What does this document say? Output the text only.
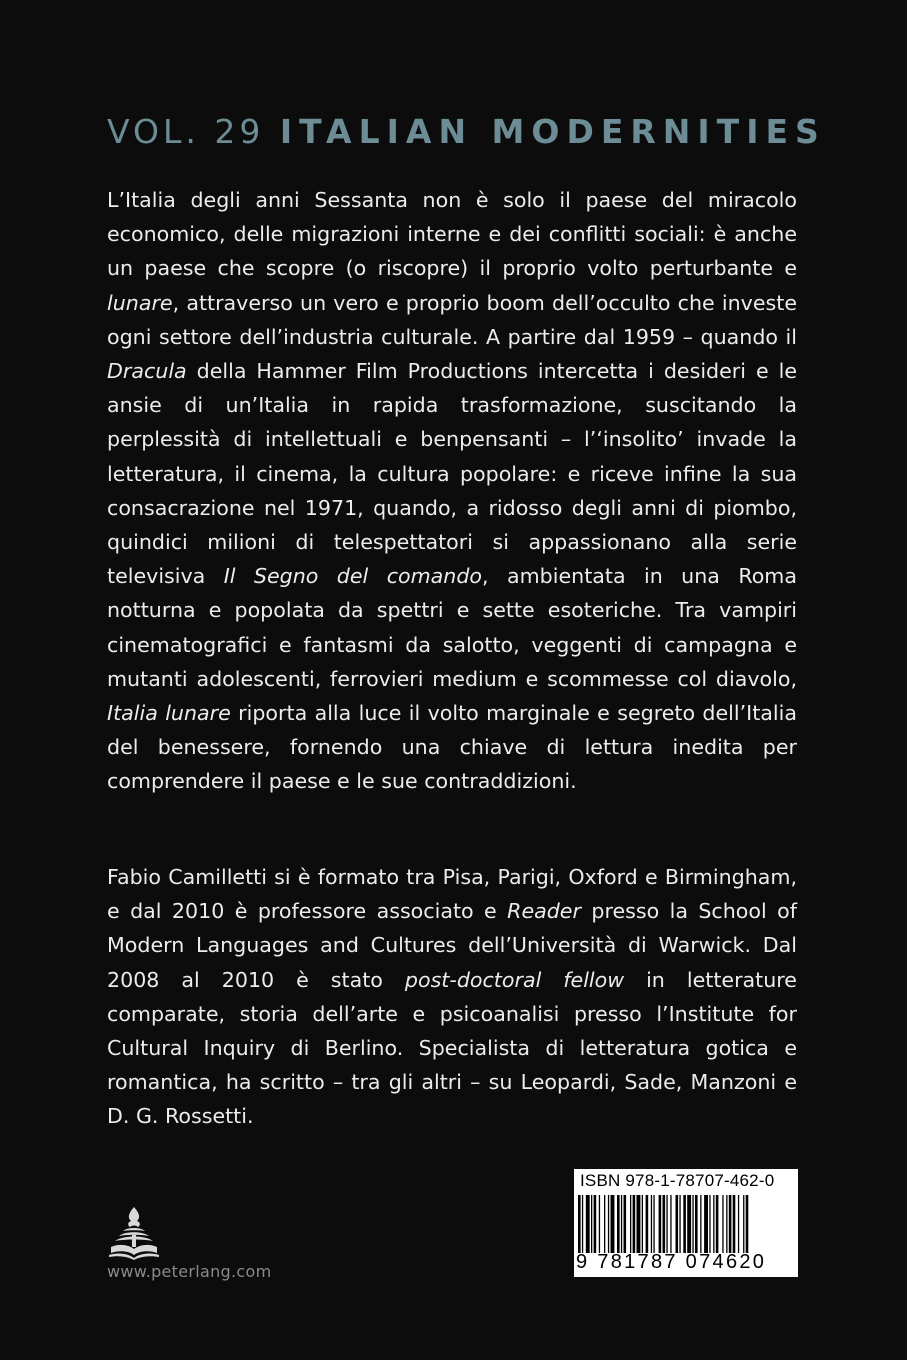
VOL. 29 ITALIAN MODERNITIES

L’Italia degli anni Sessanta non è solo il paese del miracolo economico, delle migrazioni interne e dei conflitti sociali: è anche un paese che scopre (o riscopre) il proprio volto perturbante e lunare, attraverso un vero e proprio boom dell’occulto che investe ogni settore dell’industria culturale. A partire dal 1959 – quando il Dracula della Hammer Film Productions intercetta i desideri e le ansie di un’Italia in rapida trasformazione, suscitando la perplessità di intellettuali e benpensanti – l’‘insolito’ invade la letteratura, il cinema, la cultura popolare: e riceve infine la sua consacrazione nel 1971, quando, a ridosso degli anni di piombo, quindici milioni di telespettatori si appassionano alla serie televisiva Il Segno del comando, ambientata in una Roma notturna e popolata da spettri e sette esoteriche. Tra vampiri cinematografici e fantasmi da salotto, veggenti di campagna e mutanti adolescenti, ferrovieri medium e scommesse col diavolo, Italia lunare riporta alla luce il volto marginale e segreto dell’Italia del benessere, fornendo una chiave di lettura inedita per comprendere il paese e le sue contraddizioni.

Fabio Camilletti si è formato tra Pisa, Parigi, Oxford e Birmingham, e dal 2010 è professore associato e Reader presso la School of Modern Languages and Cultures dell’Università di Warwick. Dal 2008 al 2010 è stato post-doctoral fellow in letterature comparate, storia dell’arte e psicoanalisi presso l’Institute for Cultural Inquiry di Berlino. Specialista di letteratura gotica e romantica, ha scritto – tra gli altri – su Leopardi, Sade, Manzoni e D. G. Rossetti.

www.peterlang.com
ISBN 978-1-78707-462-0
9 781787 074620
